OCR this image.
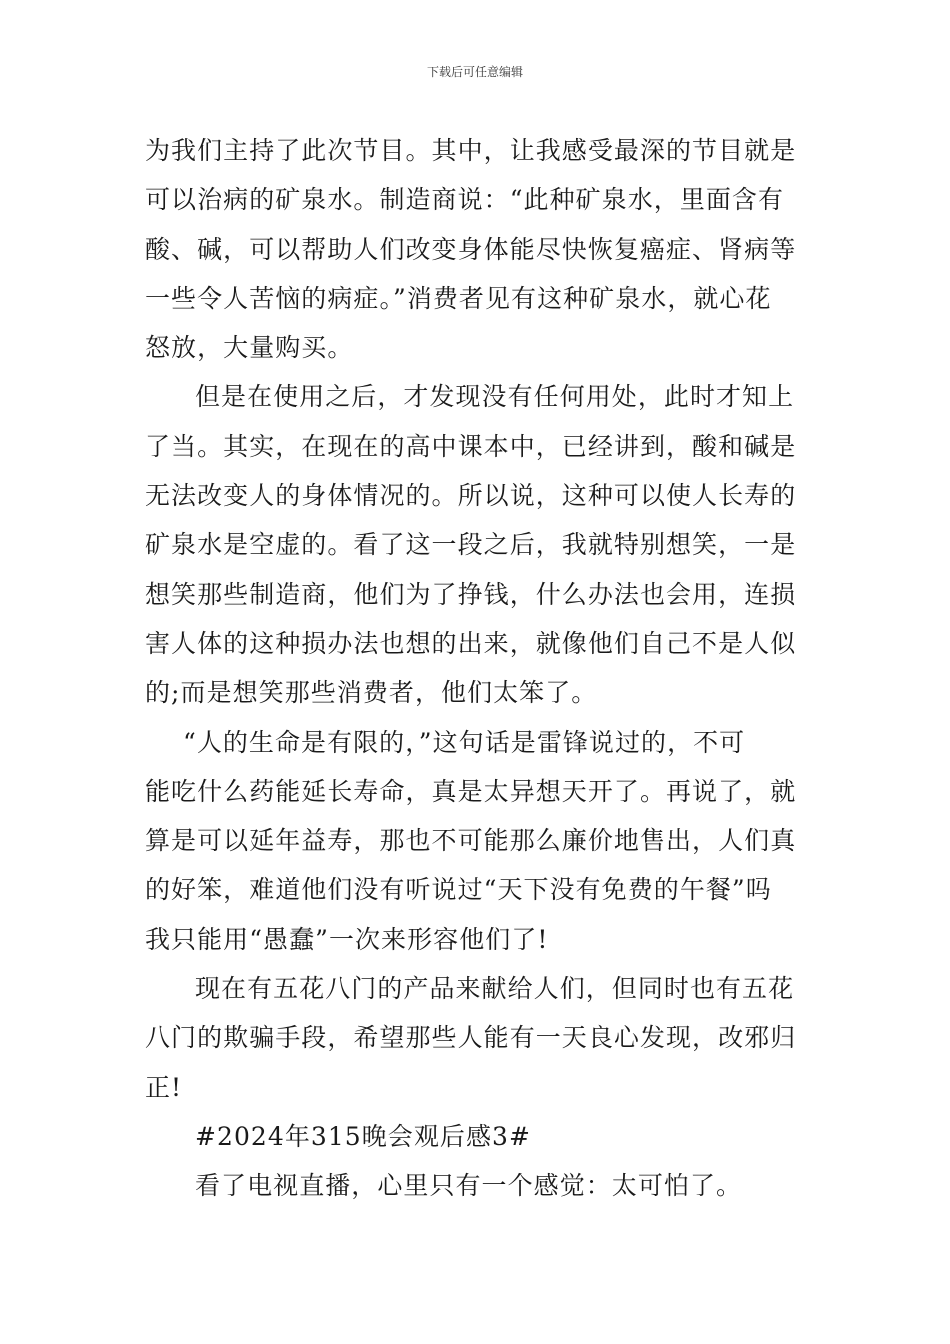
下载后可任意编辑

为我们主持了此次节目。其中，让我感受最深的节目就是
可以治病的矿泉水。制造商说：“此种矿泉水，里面含有
酸、碱，可以帮助人们改变身体能尽快恢复癌症、肾病等
一些令人苦恼的病症。”消费者见有这种矿泉水，就心花
怒放，大量购买。

但是在使用之后，才发现没有任何用处，此时才知上
了当。其实，在现在的高中课本中，已经讲到，酸和碱是
无法改变人的身体情况的。所以说，这种可以使人长寿的
矿泉水是空虚的。看了这一段之后，我就特别想笑，一是
想笑那些制造商，他们为了挣钱，什么办法也会用，连损
害人体的这种损办法也想的出来，就像他们自己不是人似
的;而是想笑那些消费者，他们太笨了。

“人的生命是有限的，”这句话是雷锋说过的，不可
能吃什么药能延长寿命，真是太异想天开了。再说了，就
算是可以延年益寿，那也不可能那么廉价地售出，人们真
的好笨，难道他们没有听说过“天下没有免费的午餐”吗
我只能用“愚蠢”一次来形容他们了!

现在有五花八门的产品来献给人们，但同时也有五花
八门的欺骗手段，希望那些人能有一天良心发现，改邪归
正!

#2024年315晚会观后感3#

看了电视直播，心里只有一个感觉：太可怕了。
